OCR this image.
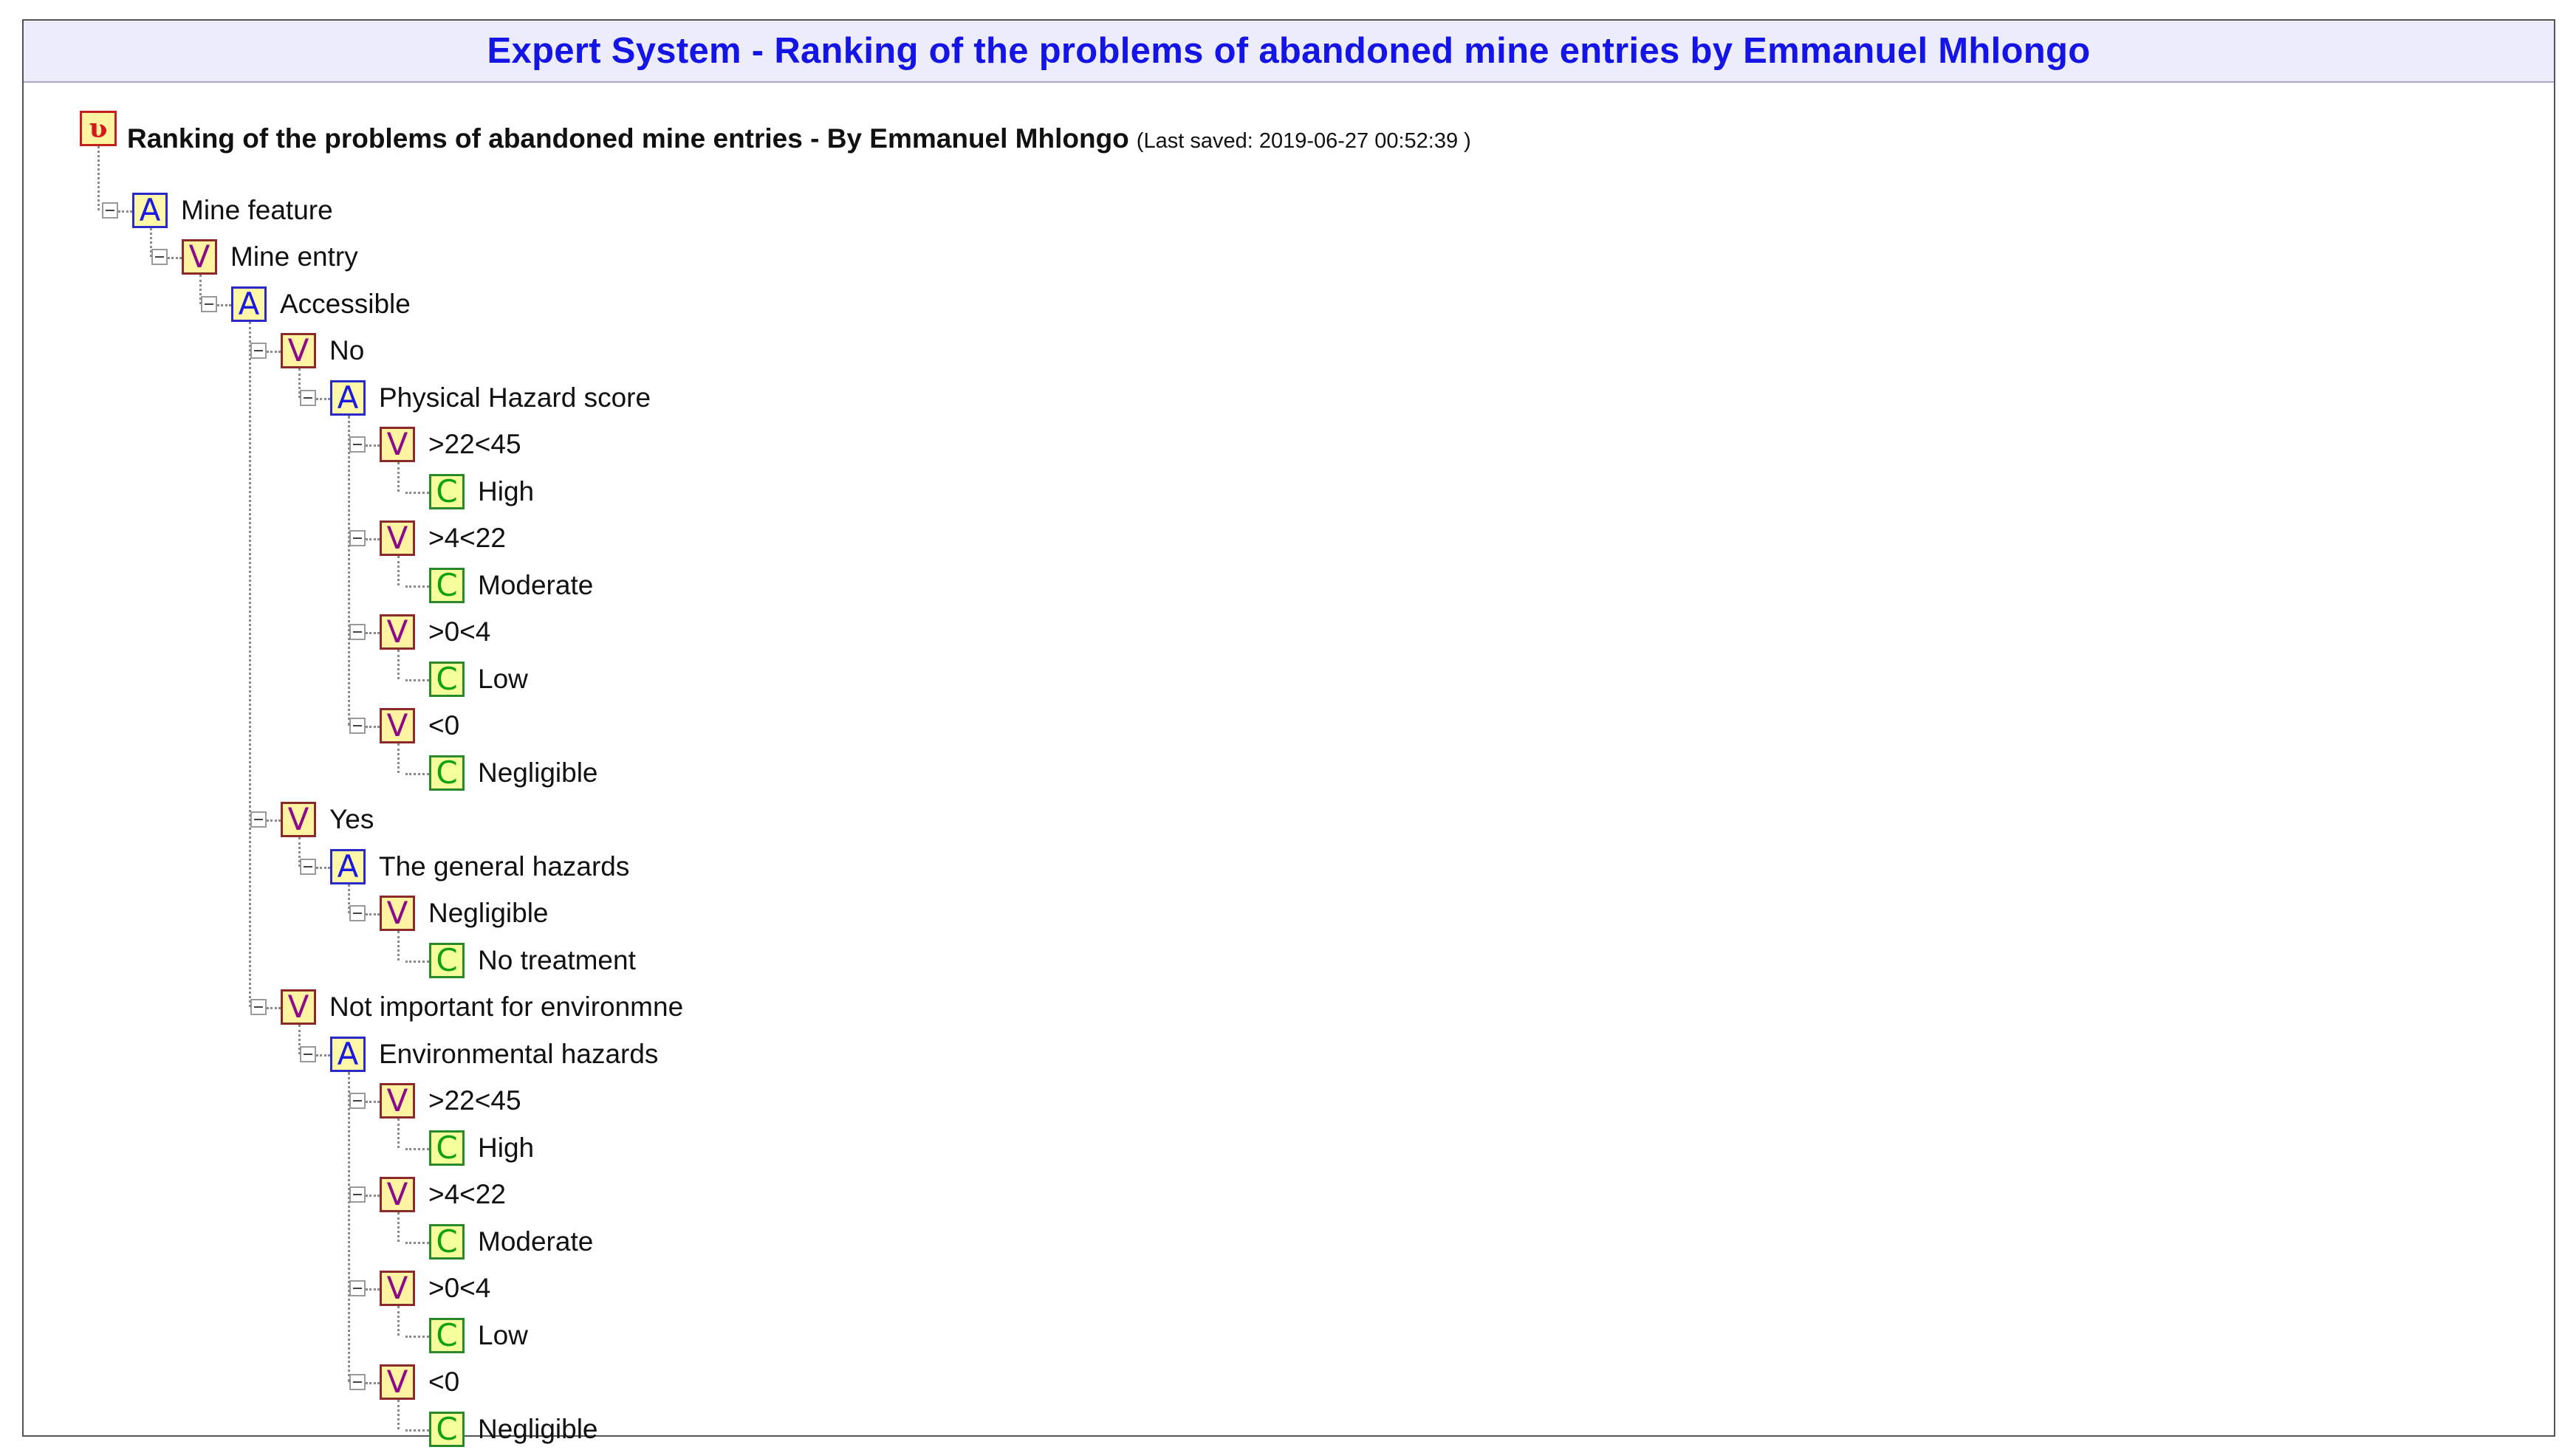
Expert System - Ranking of the problems of abandoned mine entries by Emmanuel Mhlongo
ʋ Ranking of the problems of abandoned mine entries - By Emmanuel Mhlongo (Last saved: 2019-06-27 00:52:39 )
A Mine feature
V Mine entry
A Accessible
V No
A Physical Hazard score
V >22<45
C High
V >4<22
C Moderate
V >0<4
C Low
V <0
C Negligible
V Yes
A The general hazards
V Negligible
C No treatment
V Not important for environmne
A Environmental hazards
V >22<45
C High
V >4<22
C Moderate
V >0<4
C Low
V <0
C Negligible
